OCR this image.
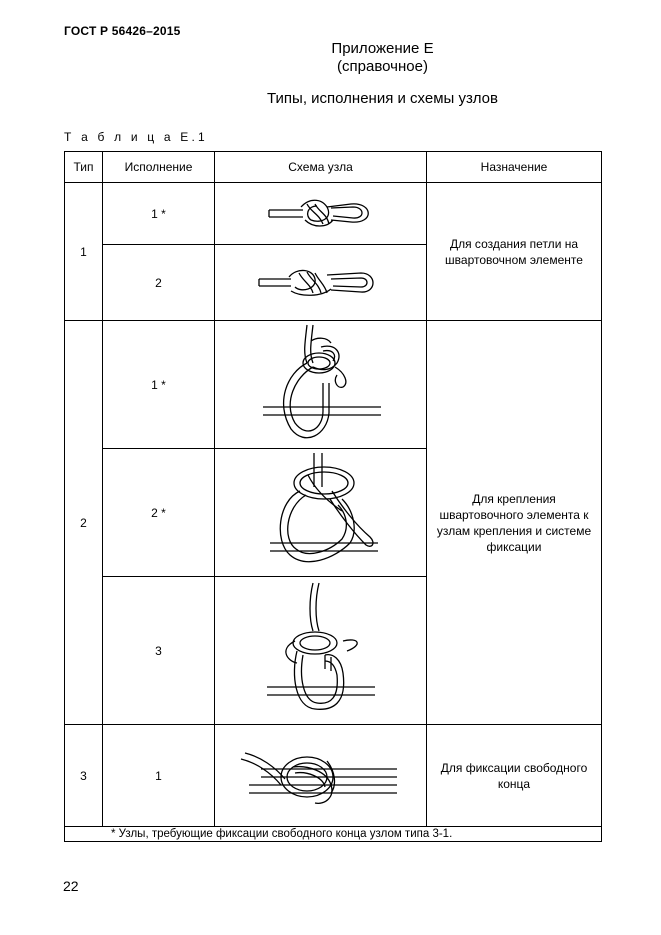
ГОСТ Р 56426–2015
Приложение Е
(справочное)
Типы, исполнения и схемы узлов
Т а б л и ц а Е.1
Тип	Исполнение	Схема узла	Назначение
1	1 *		Для создания петли на швартовочном элементе
	2	

2	1 *		Для крепления швартовочного элемента к узлам крепления и системе фиксации
	2 *	

	3	

3	1		Для фиксации свободного конца
* Узлы, требующие фиксации свободного конца узлом типа 3-1.			
22
